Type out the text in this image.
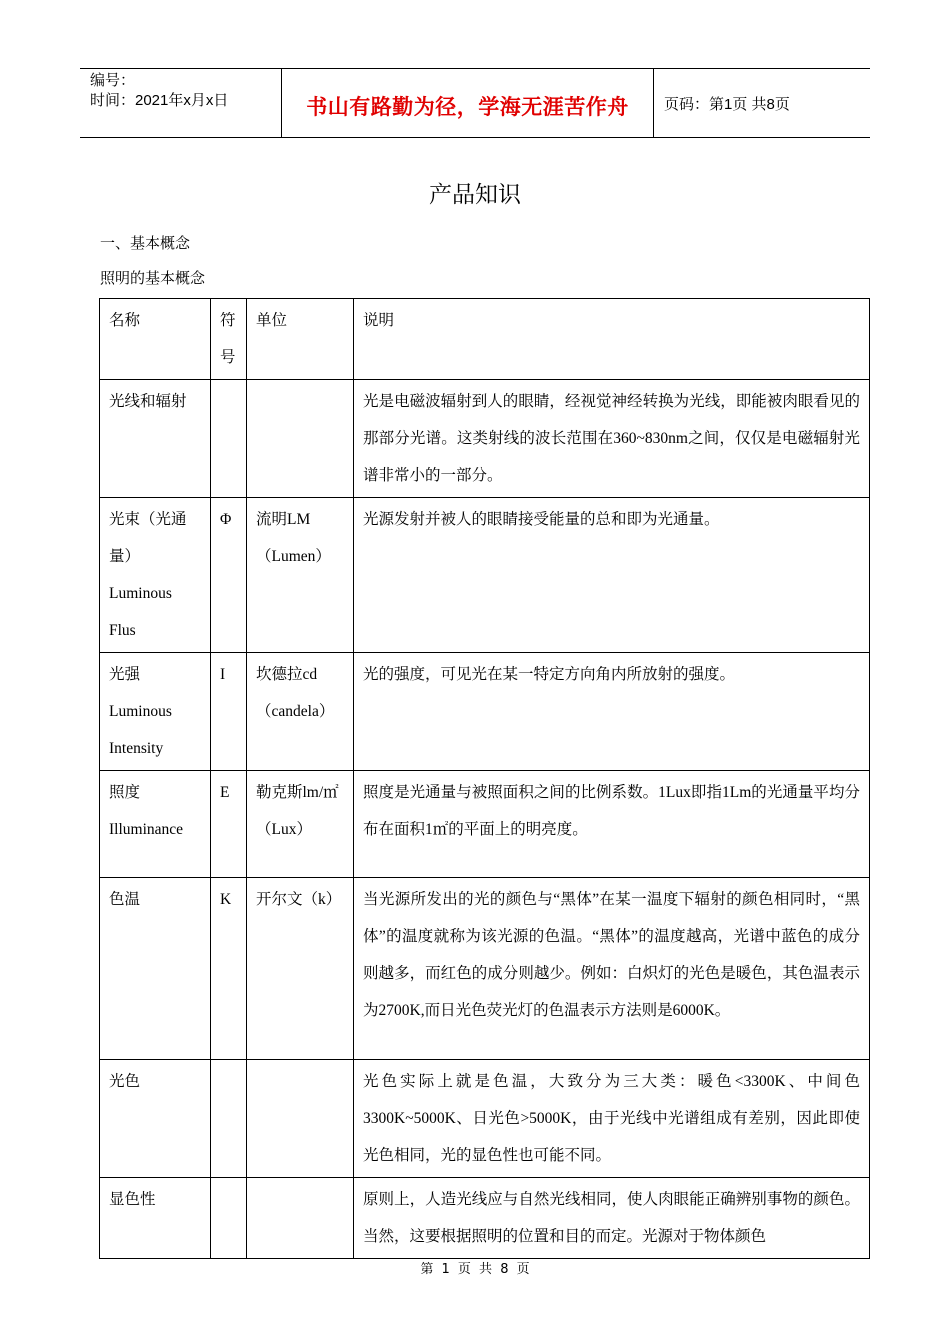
编号：
时间：2021年x月x日	书山有路勤为径，学海无涯苦作舟	页码：第1页 共8页
产品知识
一、基本概念
照明的基本概念
名称	符号	单位	说明
光线和辐射			光是电磁波辐射到人的眼睛，经视觉神经转换为光线，即能被肉眼看见的那部分光谱。这类射线的波长范围在360~830nm之间，仅仅是电磁辐射光谱非常小的一部分。
光束（光通量）Luminous Flus	Φ	流明LM（Lumen）	光源发射并被人的眼睛接受能量的总和即为光通量。
光强 Luminous Intensity	I	坎德拉cd（candela）	光的强度，可见光在某一特定方向角内所放射的强度。
照度 Illuminance	E	勒克斯lm/㎡（Lux）	照度是光通量与被照面积之间的比例系数。1Lux即指1Lm的光通量平均分布在面积1㎡的平面上的明亮度。
色温	K	开尔文（k）	当光源所发出的光的颜色与“黑体”在某一温度下辐射的颜色相同时，“黑体”的温度就称为该光源的色温。“黑体”的温度越高，光谱中蓝色的成分则越多，而红色的成分则越少。例如：白炽灯的光色是暖色，其色温表示为2700K,而日光色荧光灯的色温表示方法则是6000K。
光色			光色实际上就是色温，大致分为三大类：暖色<3300K、中间色3300K~5000K、日光色>5000K，由于光线中光谱组成有差别，因此即使光色相同，光的显色性也可能不同。
显色性			原则上，人造光线应与自然光线相同，使人肉眼能正确辨别事物的颜色。当然，这要根据照明的位置和目的而定。光源对于物体颜色
第 1 页 共 8 页
